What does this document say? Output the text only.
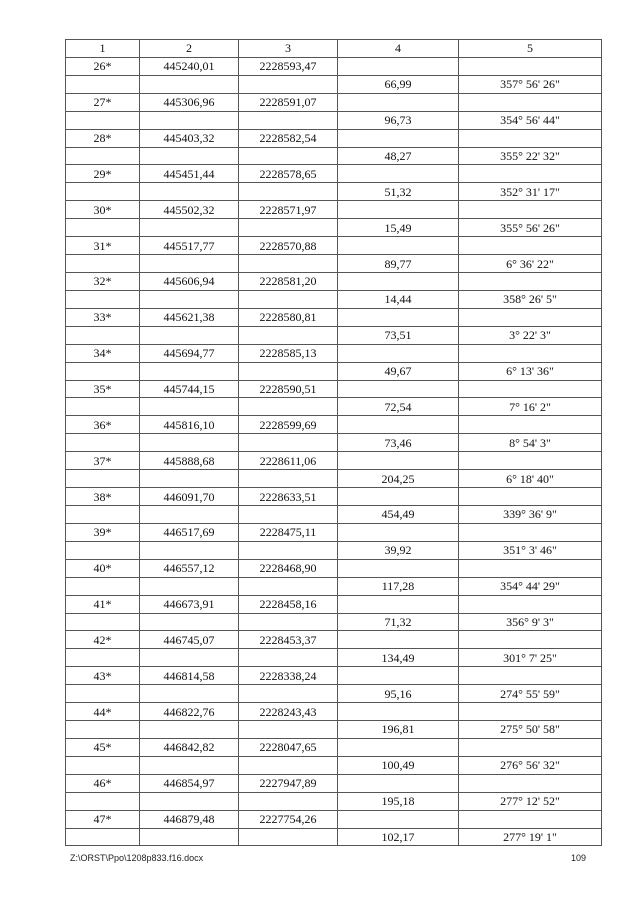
1	2	3	4	5
26*	445240,01	2228593,47		
			66,99	357° 56' 26"
27*	445306,96	2228591,07		
			96,73	354° 56' 44"
28*	445403,32	2228582,54		
			48,27	355° 22' 32"
29*	445451,44	2228578,65		
			51,32	352° 31' 17"
30*	445502,32	2228571,97		
			15,49	355° 56' 26"
31*	445517,77	2228570,88		
			89,77	6° 36' 22"
32*	445606,94	2228581,20		
			14,44	358° 26' 5"
33*	445621,38	2228580,81		
			73,51	3° 22' 3"
34*	445694,77	2228585,13		
			49,67	6° 13' 36"
35*	445744,15	2228590,51		
			72,54	7° 16' 2"
36*	445816,10	2228599,69		
			73,46	8° 54' 3"
37*	445888,68	2228611,06		
			204,25	6° 18' 40"
38*	446091,70	2228633,51		
			454,49	339° 36' 9"
39*	446517,69	2228475,11		
			39,92	351° 3' 46"
40*	446557,12	2228468,90		
			117,28	354° 44' 29"
41*	446673,91	2228458,16		
			71,32	356° 9' 3"
42*	446745,07	2228453,37		
			134,49	301° 7' 25"
43*	446814,58	2228338,24		
			95,16	274° 55' 59"
44*	446822,76	2228243,43		
			196,81	275° 50' 58"
45*	446842,82	2228047,65		
			100,49	276° 56' 32"
46*	446854,97	2227947,89		
			195,18	277° 12' 52"
47*	446879,48	2227754,26		
			102,17	277° 19' 1"
Z:\ORST\Ppo\1208p833.f16.docx	109
